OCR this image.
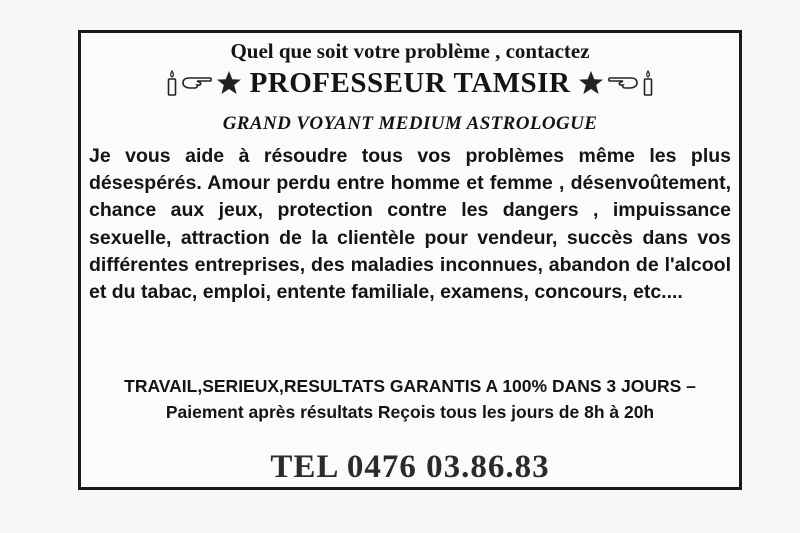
Quel que soit votre problème , contactez
PROFESSEUR TAMSIR
GRAND VOYANT MEDIUM ASTROLOGUE
Je vous aide à résoudre tous vos problèmes même les plus désespérés. Amour perdu entre homme et femme , désenvoûtement, chance aux jeux, protection contre les dangers , impuissance sexuelle, attraction de la clientèle pour vendeur, succès dans vos différentes entreprises, des maladies inconnues, abandon de l'alcool et du tabac, emploi, entente familiale, examens, concours, etc....
TRAVAIL,SERIEUX,RESULTATS GARANTIS A 100% DANS 3 JOURS – Paiement après résultats Reçois tous les jours de 8h à 20h
TEL 0476 03.86.83
